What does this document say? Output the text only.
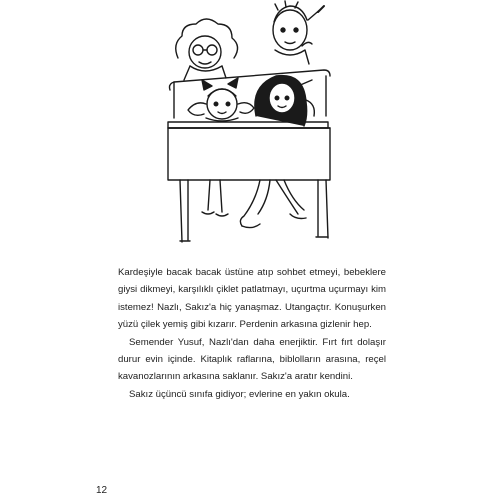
Kardeşiyle bacak bacak üstüne atıp sohbet etmeyi, bebeklere giysi dikmeyi, karşılıklı çiklet patlatmayı, uçurtma uçurmayı kim istemez! Nazlı, Sakız'a hiç yanaşmaz. Utangaçtır. Konuşurken yüzü çilek yemiş gibi kızarır. Perdenin arkasına gizlenir hep.

Semender Yusuf, Nazlı'dan daha enerjiktir. Fırt fırt dolaşır durur evin içinde. Kitaplık raflarına, biblolların arasına, reçel kavanozlarının arkasına saklanır. Sakız'a aratır kendini.

Sakız üçüncü sınıfa gidiyor; evlerine en yakın okula.

12
